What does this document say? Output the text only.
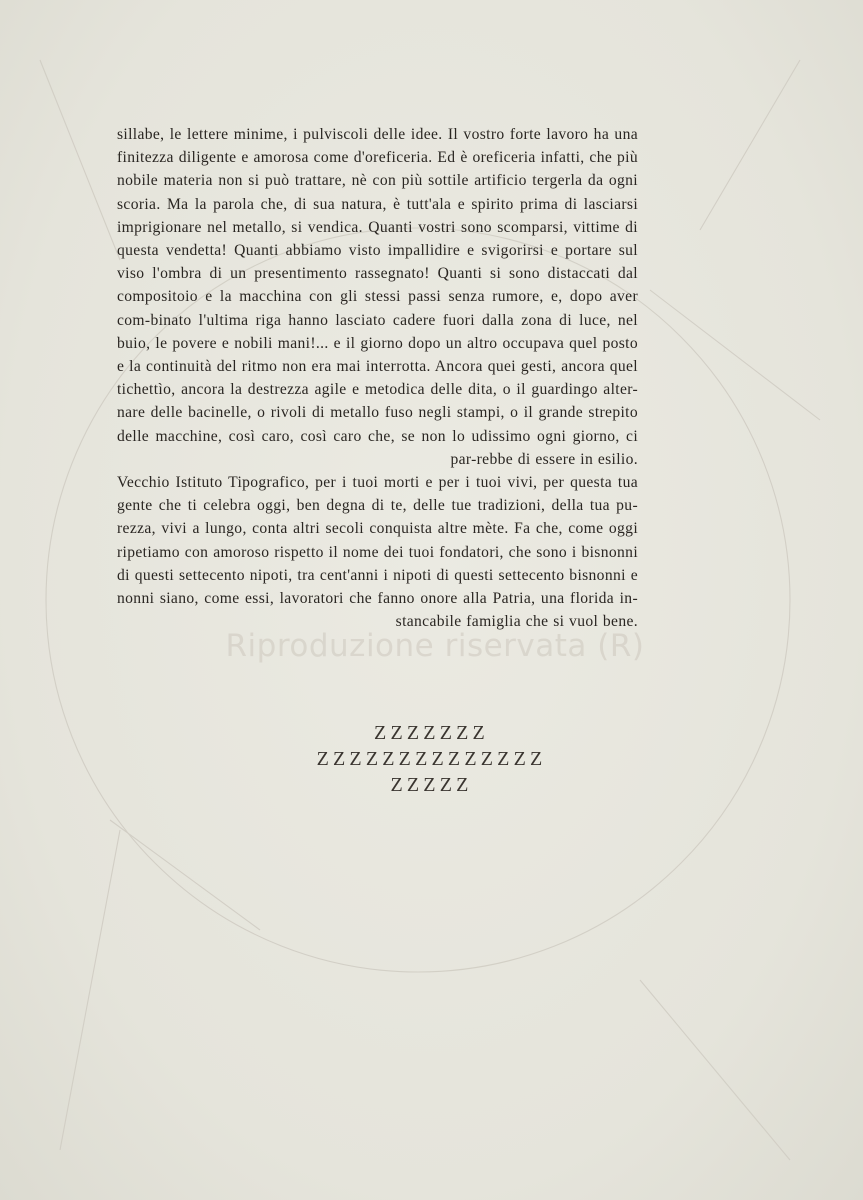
Riproduzione riservata (R)

sillabe, le lettere minime, i pulviscoli delle idee. Il vostro forte lavoro ha una finitezza diligente e amorosa come d'oreficeria. Ed è oreficeria infatti, che più nobile materia non si può trattare, nè con più sottile artificio tergerla da ogni scoria. Ma la parola che, di sua natura, è tutt'ala e spirito prima di lasciarsi imprigionare nel metallo, si vendica. Quanti vostri sono scomparsi, vittime di questa vendetta! Quanti abbiamo visto impallidire e svigorirsi e portare sul viso l'ombra di un presentimento rassegnato! Quanti si sono distaccati dal compositoio e la macchina con gli stessi passi senza rumore, e, dopo aver com-binato l'ultima riga hanno lasciato cadere fuori dalla zona di luce, nel buio, le povere e nobili mani!... e il giorno dopo un altro occupava quel posto e la continuità del ritmo non era mai interrotta. Ancora quei gesti, ancora quel tichettìo, ancora la destrezza agile e metodica delle dita, o il guardingo alter-nare delle bacinelle, o rivoli di metallo fuso negli stampi, o il grande strepito delle macchine, così caro, così caro che, se non lo udissimo ogni giorno, ci par-rebbe di essere in esilio.

Vecchio Istituto Tipografico, per i tuoi morti e per i tuoi vivi, per questa tua gente che ti celebra oggi, ben degna di te, delle tue tradizioni, della tua pu-rezza, vivi a lungo, conta altri secoli conquista altre mète. Fa che, come oggi ripetiamo con amoroso rispetto il nome dei tuoi fondatori, che sono i bisnonni di questi settecento nipoti, tra cent'anni i nipoti di questi settecento bisnonni e nonni siano, come essi, lavoratori che fanno onore alla Patria, una florida in-stancabile famiglia che si vuol bene.

ZZZZZZZ
ZZZZZZZZZZZZZZ
ZZZZZ
